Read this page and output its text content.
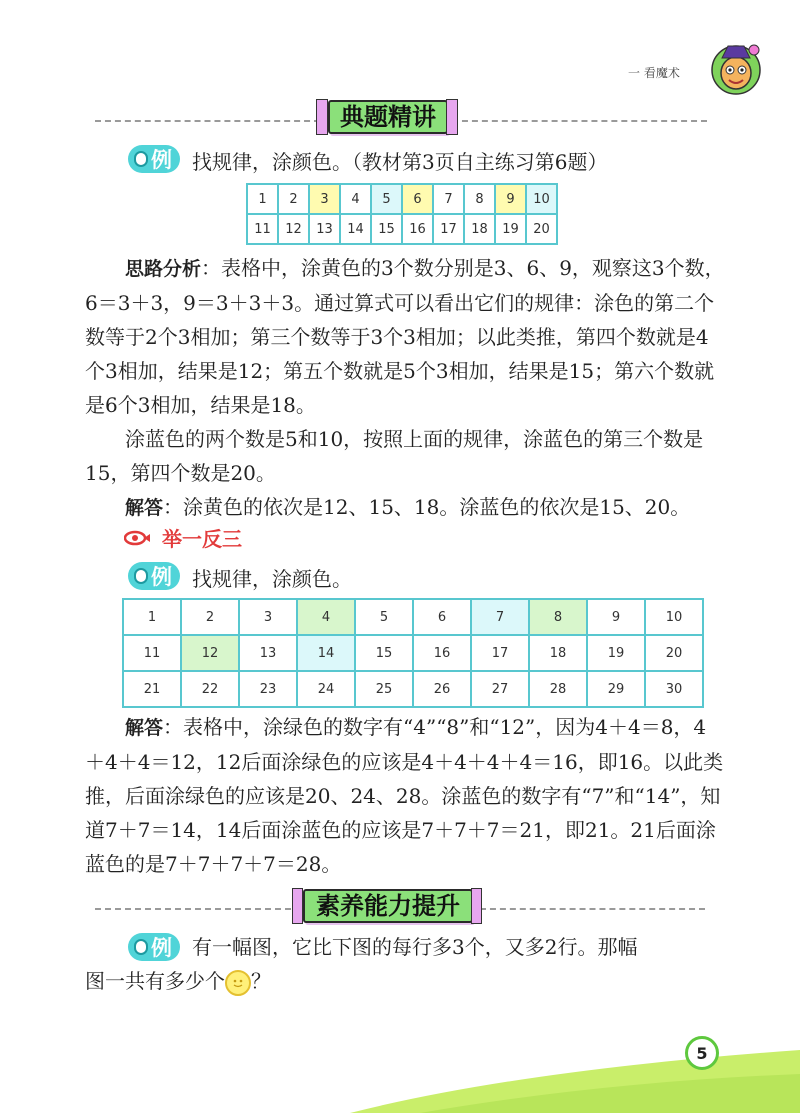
一 看魔术
典题精讲
例 找规律，涂颜色。（教材第3页自主练习第6题）
1	2	3	4	5	6	7	8	9	10
11	12	13	14	15	16	17	18	19	20

思路分析：表格中，涂黄色的3个数分别是3、6、9，观察这3个数，6＝3＋3，9＝3＋3＋3。通过算式可以看出它们的规律：涂色的第二个数等于2个3相加；第三个数等于3个3相加；以此类推，第四个数就是4个3相加，结果是12；第五个数就是5个3相加，结果是15；第六个数就是6个3相加，结果是18。

涂蓝色的两个数是5和10，按照上面的规律，涂蓝色的第三个数是15，第四个数是20。

解答：涂黄色的依次是12、15、18。涂蓝色的依次是15、20。

举一反三
例 找规律，涂颜色。
1	2	3	4	5	6	7	8	9	10
11	12	13	14	15	16	17	18	19	20
21	22	23	24	25	26	27	28	29	30

解答：表格中，涂绿色的数字有“4”“8”和“12”，因为4＋4＝8，4＋4＋4＝12，12后面涂绿色的应该是4＋4＋4＋4＝16，即16。以此类推，后面涂绿色的应该是20、24、28。涂蓝色的数字有“7”和“14”，知道7＋7＝14，14后面涂蓝色的应该是7＋7＋7＝21，即21。21后面涂蓝色的是7＋7＋7＋7＝28。

素养能力提升
例	有一幅图，它比下图的每行多3个，又多2行。那幅

图一共有多少个 ？

5
